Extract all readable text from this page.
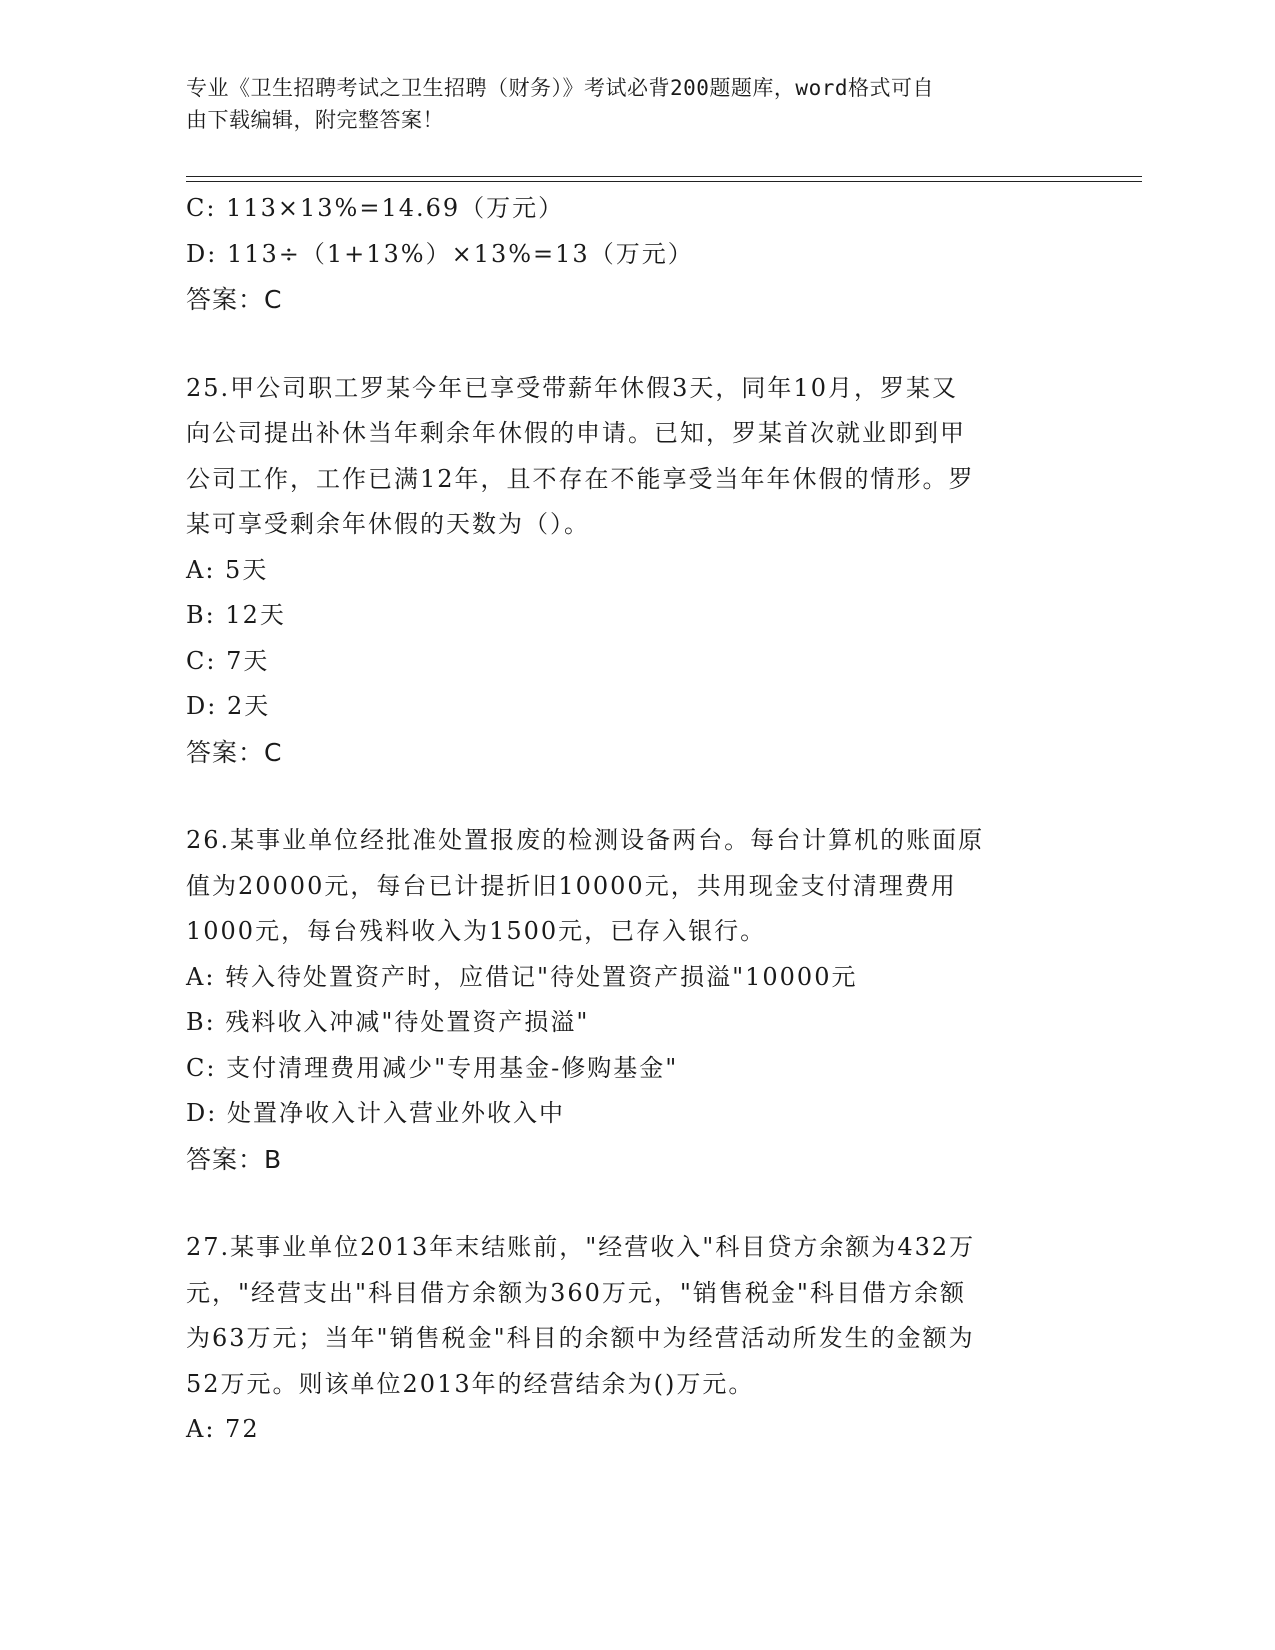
专业《卫生招聘考试之卫生招聘（财务）》考试必背200题题库，word格式可自
由下载编辑，附完整答案！
C: 113×13%=14.69（万元）
D: 113÷（1+13%）×13%=13（万元）
答案：C
25.甲公司职工罗某今年已享受带薪年休假3天，同年10月，罗某又
向公司提出补休当年剩余年休假的申请。已知，罗某首次就业即到甲
公司工作，工作已满12年，且不存在不能享受当年年休假的情形。罗
某可享受剩余年休假的天数为（）。
A: 5天
B: 12天
C: 7天
D: 2天
答案：C
26.某事业单位经批准处置报废的检测设备两台。每台计算机的账面原
值为20000元，每台已计提折旧10000元，共用现金支付清理费用
1000元，每台残料收入为1500元，已存入银行。
A: 转入待处置资产时，应借记"待处置资产损溢"10000元
B: 残料收入冲减"待处置资产损溢"
C: 支付清理费用减少"专用基金-修购基金"
D: 处置净收入计入营业外收入中
答案：B
27.某事业单位2013年末结账前，"经营收入"科目贷方余额为432万
元，"经营支出"科目借方余额为360万元，"销售税金"科目借方余额
为63万元；当年"销售税金"科目的余额中为经营活动所发生的金额为
52万元。则该单位2013年的经营结余为()万元。
A: 72
